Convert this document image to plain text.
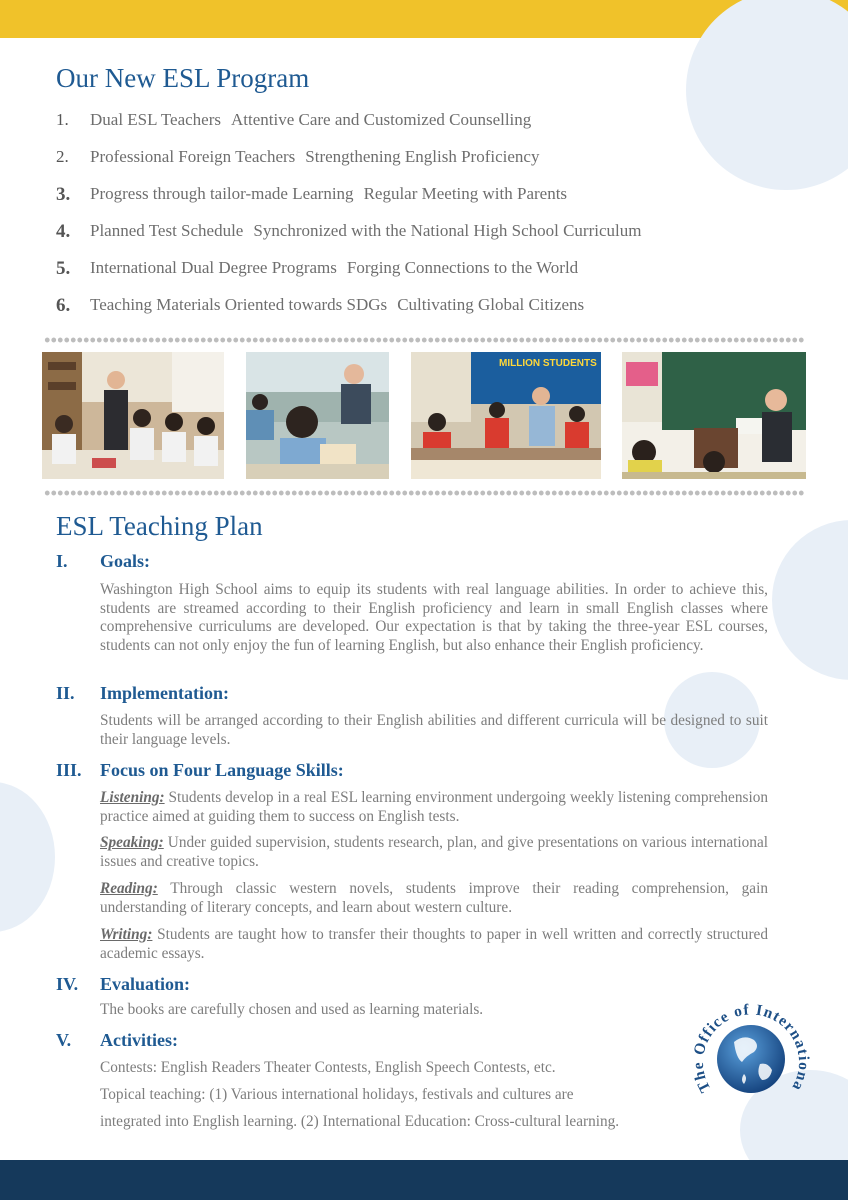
Our New ESL Program
1.	Dual ESL Teachers Attentive Care and Customized Counselling
2.	Professional Foreign Teachers Strengthening English Proficiency
3.	Progress through tailor-made Learning Regular Meeting with Parents
4.	Planned Test Schedule Synchronized with the National High School Curriculum
5.	International Dual Degree Programs Forging Connections to the World
6.	Teaching Materials Oriented towards SDGs Cultivating Global Citizens
MILLION STUDENTS
ESL Teaching Plan
I.	Goals:

Washington High School aims to equip its students with real language abilities. In order to achieve this, students are streamed according to their English proficiency and learn in small English classes where comprehensive curriculums are developed. Our expectation is that by taking the three-year ESL courses, students can not only enjoy the fun of learning English, but also enhance their English proficiency.

II.	Implementation:

Students will be arranged according to their English abilities and different curricula will be designed to suit their language levels.

III.	Focus on Four Language Skills:

Listening: Students develop in a real ESL learning environment undergoing weekly listening comprehension practice aimed at guiding them to success on English tests.

Speaking: Under guided supervision, students research, plan, and give presentations on various international issues and creative topics.

Reading: Through classic western novels, students improve their reading comprehension, gain understanding of literary concepts, and learn about western culture.

Writing: Students are taught how to transfer their thoughts to paper in well written and correctly structured academic essays.

IV.	Evaluation:

The books are carefully chosen and used as learning materials.

V.	Activities:

Contests: English Readers Theater Contests, English Speech Contests, etc.

Topical teaching: (1) Various international holidays, festivals and cultures are

integrated into English learning. (2) International Education: Cross-cultural learning.

The Office of Internationa
